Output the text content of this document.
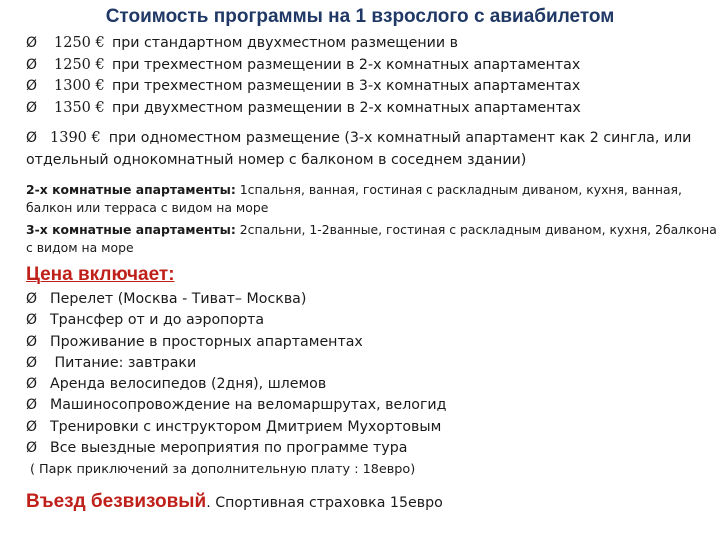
Стоимость программы на 1 взрослого с авиабилетом
Ø 1250 € при стандартном двухместном размещении в
Ø 1250 € при трехместном размещении в 2-х комнатных апартаментах
Ø 1300 € при трехместном размещении в 3-х комнатных апартаментах
Ø 1350 € при двухместном размещении в 2-х комнатных апартаментах
Ø 1390 € при одноместном размещение (3-х комнатный апартамент как 2 сингла, или отдельный однокомнатный номер с балконом в соседнем здании)
2-х комнатные апартаменты: 1спальня, ванная, гостиная с раскладным диваном, кухня, ванная, балкон или терраса с видом на море
3-х комнатные апартаменты: 2спальни, 1-2ванные, гостиная с раскладным диваном, кухня, 2балкона с видом на море
Цена включает:
Ø Перелет (Москва - Тиват– Москва)
Ø Трансфер от и до аэропорта
Ø Проживание в просторных апартаментах
Ø Питание: завтраки
Ø Аренда велосипедов (2дня), шлемов
Ø Машиносопровождение на веломаршрутах, велогид
Ø Тренировки с инструктором Дмитрием Мухортовым
Ø Все выездные мероприятия по программе тура
( Парк приключений за дополнительную плату : 18евро)
Въезд безвизовый. Спортивная страховка 15евро
